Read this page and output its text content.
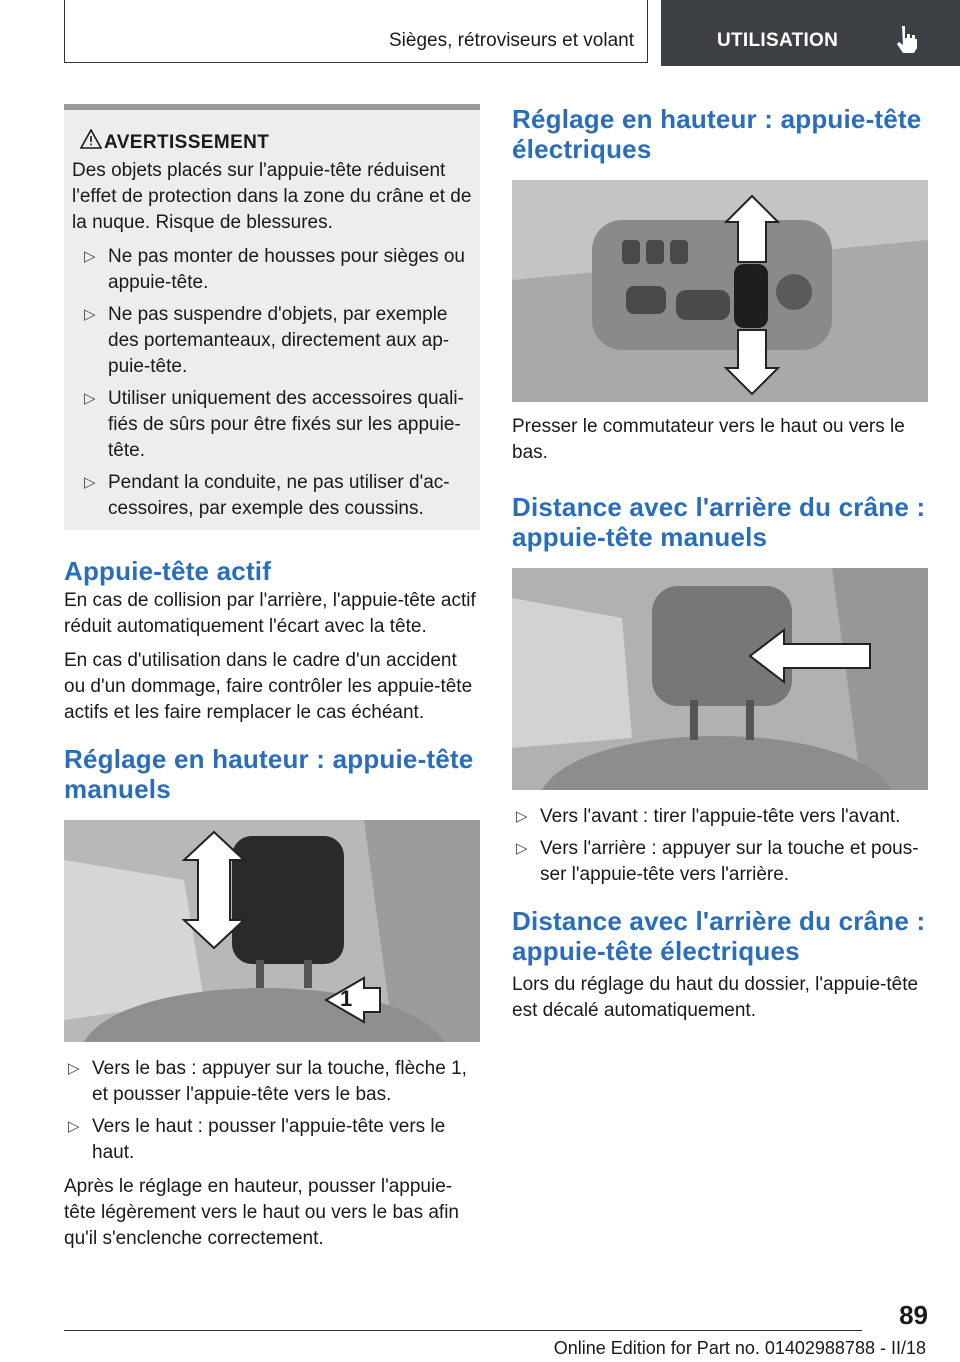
Sièges, rétroviseurs et volant	UTILISATION
AVERTISSEMENT

Des objets placés sur l'appuie-tête réduisent l'effet de protection dans la zone du crâne et de la nuque. Risque de blessures.

▷ Ne pas monter de housses pour sièges ou appuie-tête.
▷ Ne pas suspendre d'objets, par exemple des portemanteaux, directement aux ap‐puie-tête.
▷ Utiliser uniquement des accessoires quali‐fiés de sûrs pour être fixés sur les appuie-tête.
▷ Pendant la conduite, ne pas utiliser d'ac‐cessoires, par exemple des coussins.
Appuie-tête actif

En cas de collision par l'arrière, l'appuie-tête actif réduit automatiquement l'écart avec la tête.

En cas d'utilisation dans le cadre d'un accident ou d'un dommage, faire contrôler les appuie-tête actifs et les faire remplacer le cas échéant.

Réglage en hauteur : appuie-tête manuels
1
▷ Vers le bas : appuyer sur la touche, flèche 1, et pousser l'appuie-tête vers le bas.
▷ Vers le haut : pousser l'appuie-tête vers le haut.

Après le réglage en hauteur, pousser l'appuie-tête légèrement vers le haut ou vers le bas afin qu'il s'enclenche correctement.

Réglage en hauteur : appuie-tête électriques

Presser le commutateur vers le haut ou vers le bas.

Distance avec l'arrière du crâne : appuie-tête manuels
▷ Vers l'avant : tirer l'appuie-tête vers l'avant.
▷ Vers l'arrière : appuyer sur la touche et pous‐ser l'appuie-tête vers l'arrière.
Distance avec l'arrière du crâne : appuie-tête électriques

Lors du réglage du haut du dossier, l'appuie-tête est décalé automatiquement.

89
Online Edition for Part no. 01402988788 - II/18
